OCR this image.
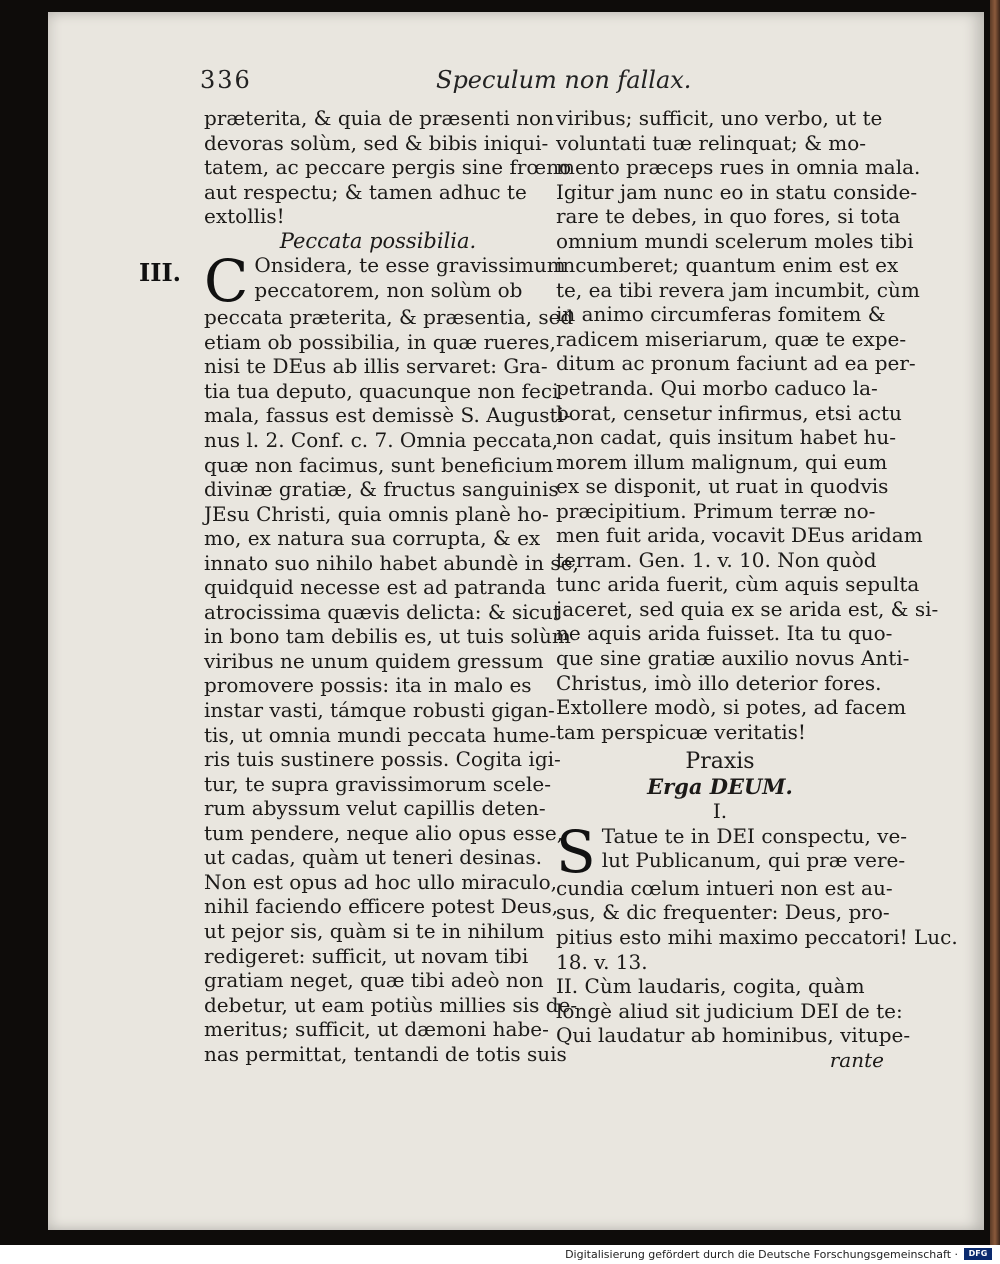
336	Speculum non fallax.
III.
præterita, & quia de præsenti non
devoras solùm, sed & bibis iniqui-
tatem, ac peccare pergis sine frœno
aut respectu; & tamen adhuc te
extollis!
Peccata possibilia.
C Onsidera, te esse gravissimum
peccatorem, non solùm ob
peccata præterita, & præsentia, sed
etiam ob possibilia, in quæ rueres,
nisi te DEus ab illis servaret: Gra-
tia tua deputo, quacunque non feci
mala, fassus est demissè S. Augusti-
nus l. 2. Conf. c. 7. Omnia peccata,
quæ non facimus, sunt beneficium
divinæ gratiæ, & fructus sanguinis
JEsu Christi, quia omnis planè ho-
mo, ex natura sua corrupta, & ex
innato suo nihilo habet abundè in se,
quidquid necesse est ad patranda
atrocissima quævis delicta: & sicut
in bono tam debilis es, ut tuis solùm
viribus ne unum quidem gressum
promovere possis: ita in malo es
instar vasti, támque robusti gigan-
tis, ut omnia mundi peccata hume-
ris tuis sustinere possis. Cogita igi-
tur, te supra gravissimorum scele-
rum abyssum velut capillis deten-
tum pendere, neque alio opus esse,
ut cadas, quàm ut teneri desinas.
Non est opus ad hoc ullo miraculo,
nihil faciendo efficere potest Deus,
ut pejor sis, quàm si te in nihilum
redigeret: sufficit, ut novam tibi
gratiam neget, quæ tibi adeò non
debetur, ut eam potiùs millies sis de-
meritus; sufficit, ut dæmoni habe-
nas permittat, tentandi de totis suis
viribus; sufficit, uno verbo, ut te
voluntati tuæ relinquat; & mo-
mento præceps rues in omnia mala.
Igitur jam nunc eo in statu conside-
rare te debes, in quo fores, si tota
omnium mundi scelerum moles tibi
incumberet; quantum enim est ex
te, ea tibi revera jam incumbit, cùm
in animo circumferas fomitem &
radicem miseriarum, quæ te expe-
ditum ac pronum faciunt ad ea per-
petranda. Qui morbo caduco la-
borat, censetur infirmus, etsi actu
non cadat, quis insitum habet hu-
morem illum malignum, qui eum
ex se disponit, ut ruat in quodvis
præcipitium. Primum terræ no-
men fuit arida, vocavit DEus aridam
terram. Gen. 1. v. 10. Non quòd
tunc arida fuerit, cùm aquis sepulta
jaceret, sed quia ex se arida est, & si-
ne aquis arida fuisset. Ita tu quo-
que sine gratiæ auxilio novus Anti-
Christus, imò illo deterior fores.
Extollere modò, si potes, ad facem
tam perspicuæ veritatis!
Praxis
Erga DEUM.
I.
S Tatue te in DEI conspectu, ve-
lut Publicanum, qui præ vere-
cundia cœlum intueri non est au-
sus, & dic frequenter: Deus, pro-
pitius esto mihi maximo peccatori! Luc.
18. v. 13.
II. Cùm laudaris, cogita, quàm
longè aliud sit judicium DEI de te:
Qui laudatur ab hominibus, vitupe-
rante
Digitalisierung gefördert durch die Deutsche Forschungsgemeinschaft ·	DFG
